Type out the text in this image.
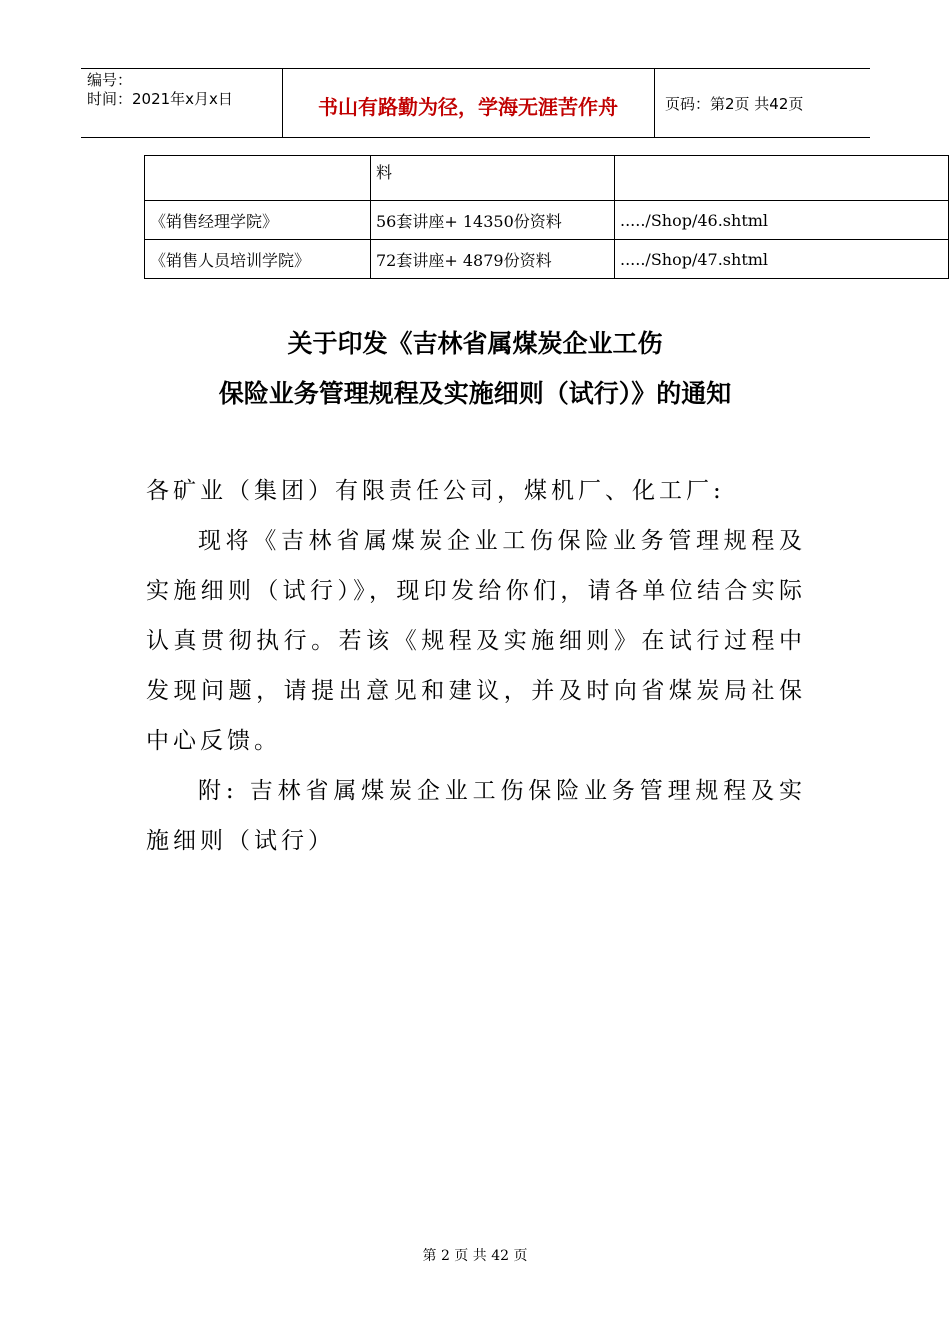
编号：
时间：2021年x月x日	书山有路勤为径，学海无涯苦作舟	页码：第2页 共42页
	料	
《销售经理学院》	56套讲座+ 14350份资料	...../Shop/46.shtml
《销售人员培训学院》	72套讲座+ 4879份资料	...../Shop/47.shtml
关于印发《吉林省属煤炭企业工伤
保险业务管理规程及实施细则（试行）》的通知
各矿业（集团）有限责任公司，煤机厂、化工厂:
现将《吉林省属煤炭企业工伤保险业务管理规程及实施细则（试行）》，现印发给你们，请各单位结合实际认真贯彻执行。若该《规程及实施细则》在试行过程中发现问题，请提出意见和建议，并及时向省煤炭局社保中心反馈。
附: 吉林省属煤炭企业工伤保险业务管理规程及实施细则（试行）
第 2 页 共 42 页
